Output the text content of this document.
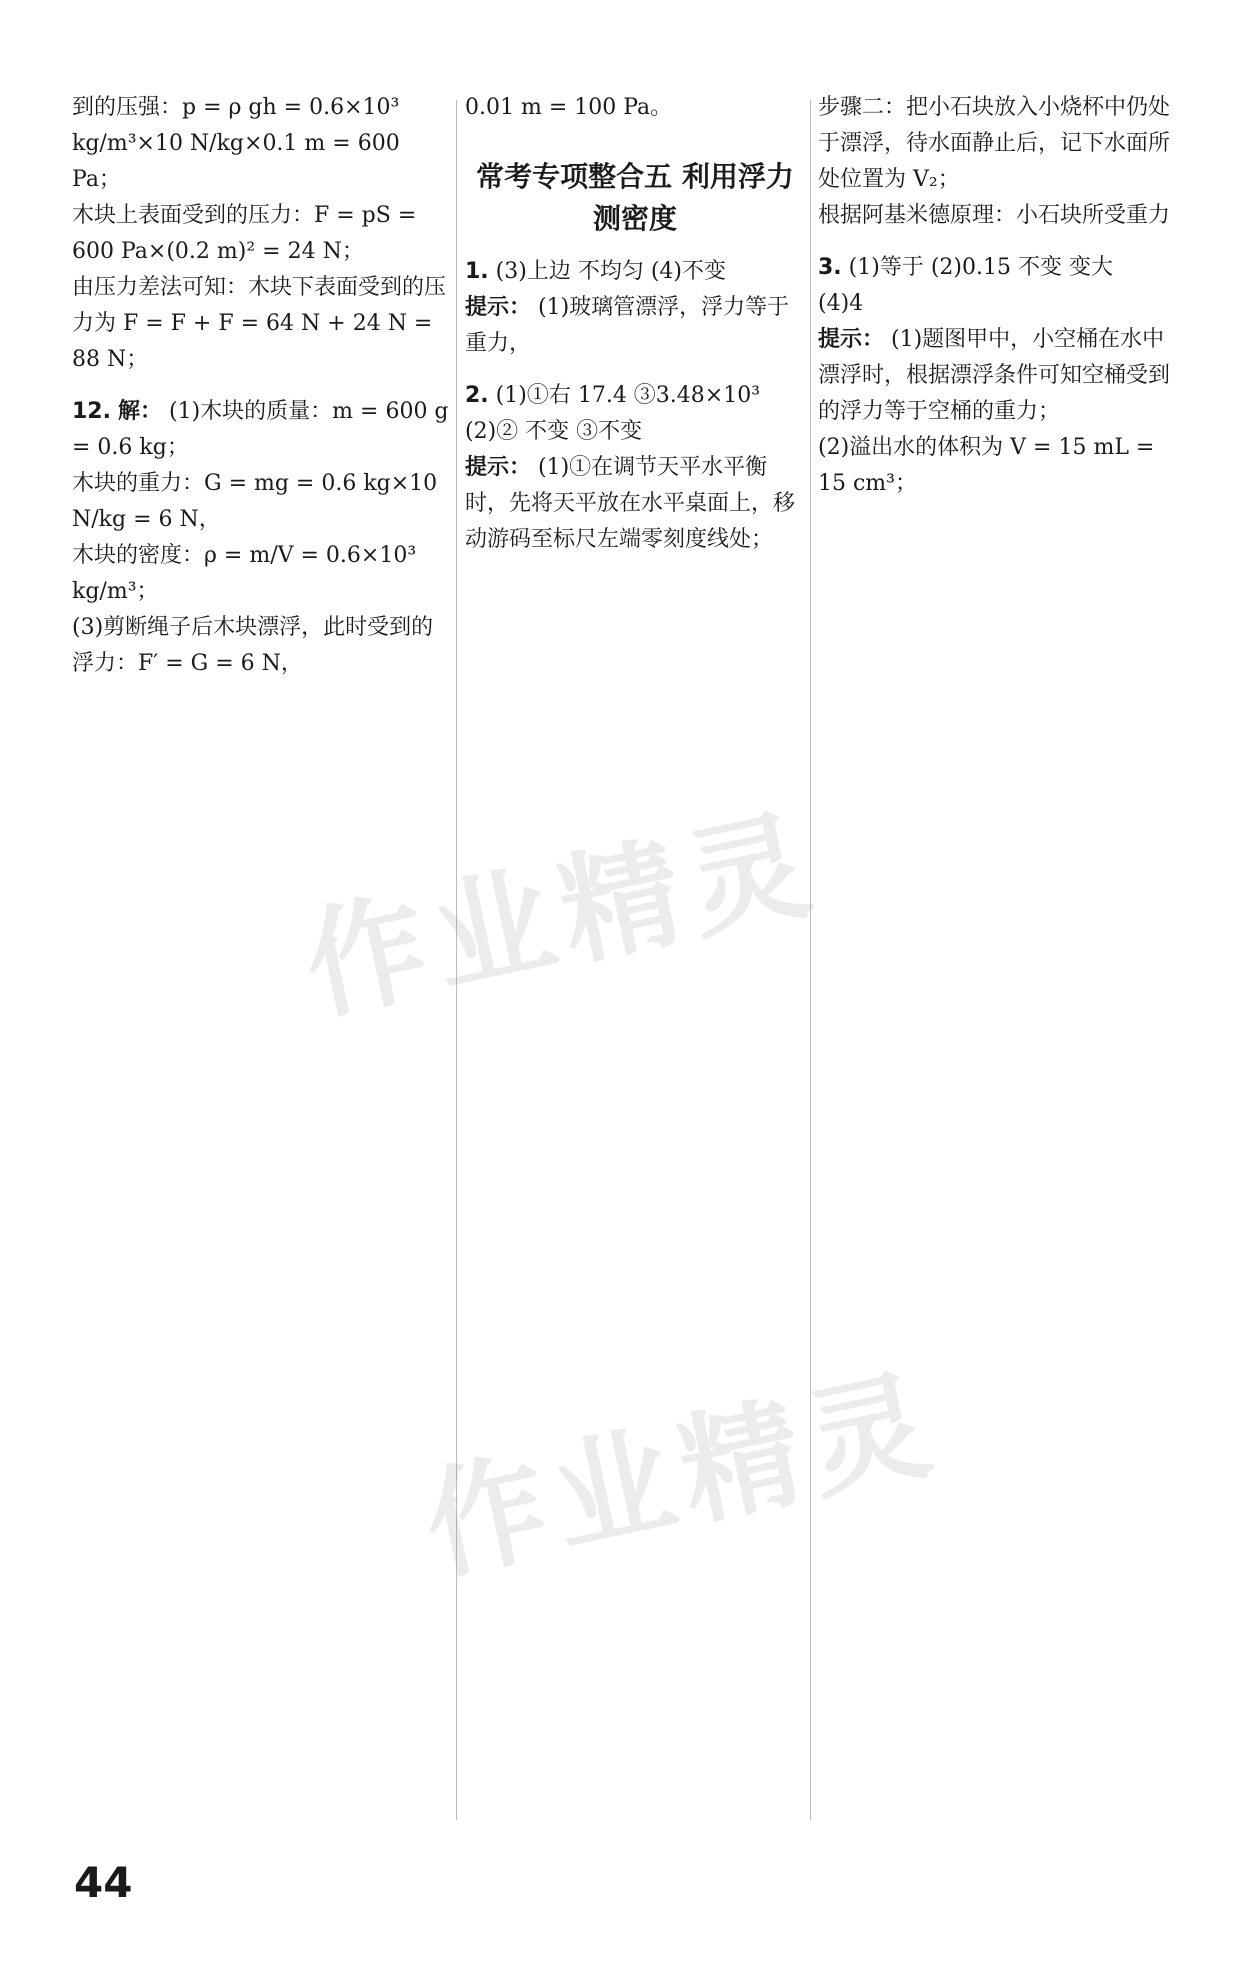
到的压强：p = ρ gh = 0.6×10³ kg/m³×10 N/kg×0.1 m = 600 Pa；

木块上表面受到的压力：F = pS = 600 Pa×(0.2 m)² = 24 N；

由压力差法可知：木块下表面受到的压力为 F = F + F = 64 N + 24 N = 88 N；

12. 解： (1)木块的质量：m = 600 g = 0.6 kg；

木块的重力：G = mg = 0.6 kg×10 N/kg = 6 N，

木块的密度：ρ = m/V = 0.6×10³ kg/m³；

(3)剪断绳子后木块漂浮，此时受到的浮力：F′ = G = 6 N，

0.01 m = 100 Pa。

常考专项整合五 利用浮力测密度

1. (3)上边 不均匀 (4)不变

提示： (1)玻璃管漂浮，浮力等于重力，

2. (1)①右 17.4 ③3.48×10³

(2)② 不变 ③不变

提示： (1)①在调节天平水平衡时，先将天平放在水平桌面上，移动游码至标尺左端零刻度线处；

步骤二：把小石块放入小烧杯中仍处于漂浮，待水面静止后，记下水面所处位置为 V₂；

根据阿基米德原理：小石块所受重力

3. (1)等于 (2)0.15 不变 变大

(4)4

提示： (1)题图甲中，小空桶在水中漂浮时，根据漂浮条件可知空桶受到的浮力等于空桶的重力；

(2)溢出水的体积为 V = 15 mL = 15 cm³；

作业精灵
作业精灵
44
